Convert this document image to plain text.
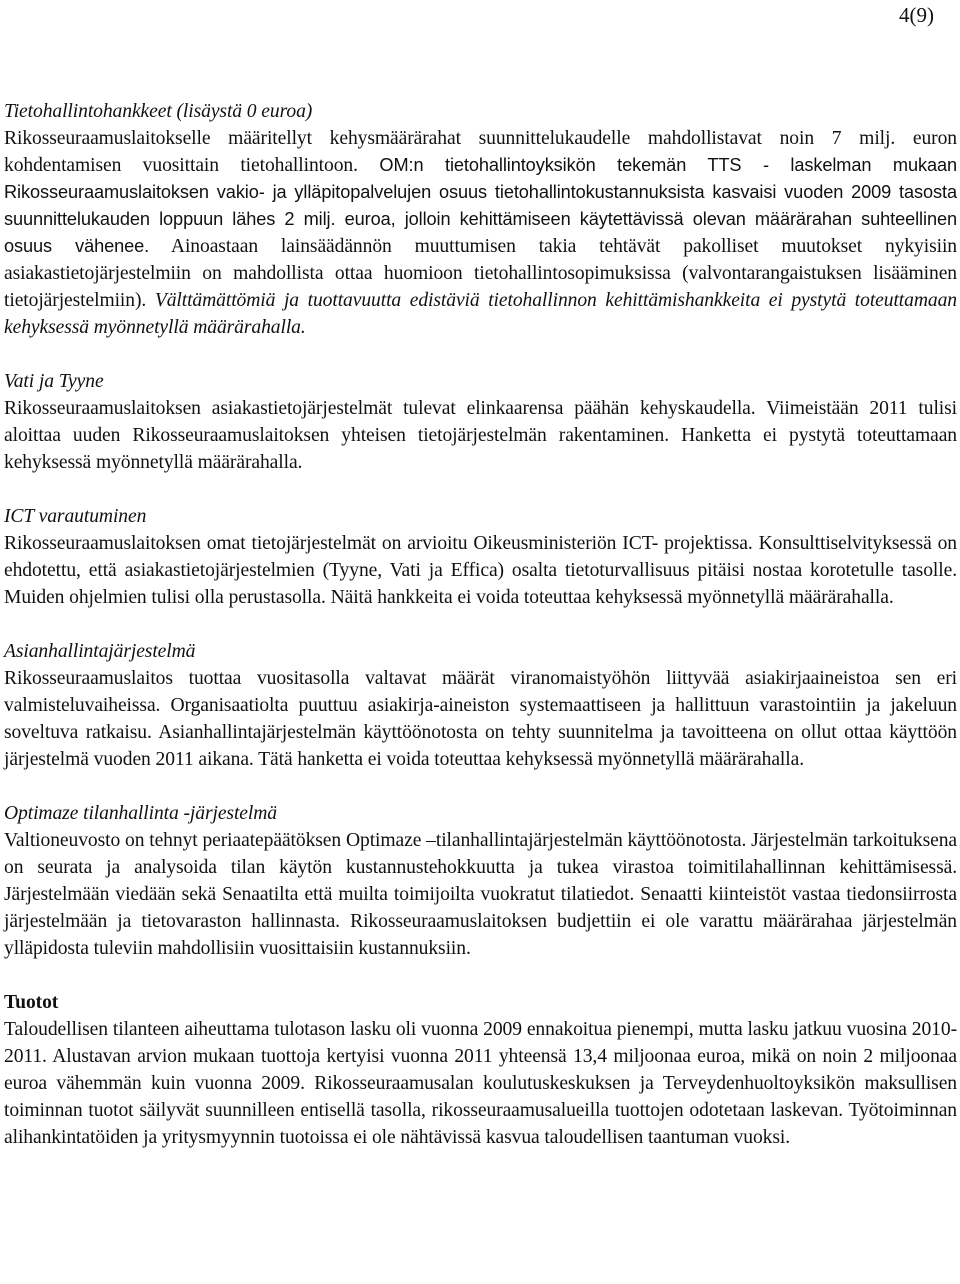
4(9)
Tietohallintohankkeet (lisäystä 0 euroa)
Rikosseuraamuslaitokselle määritellyt kehysmäärärahat suunnittelukaudelle mahdollistavat noin 7 milj. euron kohdentamisen vuosittain tietohallintoon. OM:n tietohallintoyksikön tekemän TTS - laskelman mukaan Rikosseuraamuslaitoksen vakio- ja ylläpitopalvelujen osuus tietohallintokustannuksista kasvaisi vuoden 2009 tasosta suunnittelukauden loppuun lähes 2 milj. euroa, jolloin kehittämiseen käytettävissä olevan määrärahan suhteellinen osuus vähenee. Ainoastaan lainsäädännön muuttumisen takia tehtävät pakolliset muutokset nykyisiin asiakastietojärjestelmiin on mahdollista ottaa huomioon tietohallintosopimuksissa (valvontarangaistuksen lisääminen tietojärjestelmiin). Välttämättömiä ja tuottavuutta edistäviä tietohallinnon kehittämishankkeita ei pystytä toteuttamaan kehyksessä myönnetyllä määrärahalla.
Vati ja Tyyne
Rikosseuraamuslaitoksen asiakastietojärjestelmät tulevat elinkaarensa päähän kehyskaudella. Viimeistään 2011 tulisi aloittaa uuden Rikosseuraamuslaitoksen yhteisen tietojärjestelmän rakentaminen. Hanketta ei pystytä toteuttamaan kehyksessä myönnetyllä määrärahalla.
ICT varautuminen
Rikosseuraamuslaitoksen omat tietojärjestelmät on arvioitu Oikeusministeriön ICT- projektissa. Konsulttiselvityksessä on ehdotettu, että asiakastietojärjestelmien (Tyyne, Vati ja Effica) osalta tietoturvallisuus pitäisi nostaa korotetulle tasolle. Muiden ohjelmien tulisi olla perustasolla. Näitä hankkeita ei voida toteuttaa kehyksessä myönnetyllä määrärahalla.
Asianhallintajärjestelmä
Rikosseuraamuslaitos tuottaa vuositasolla valtavat määrät viranomaistyöhön liittyvää asiakirjaaineistoa sen eri valmisteluvaiheissa. Organisaatiolta puuttuu asiakirja-aineiston systemaattiseen ja hallittuun varastointiin ja jakeluun soveltuva ratkaisu. Asianhallintajärjestelmän käyttöönotosta on tehty suunnitelma ja tavoitteena on ollut ottaa käyttöön järjestelmä vuoden 2011 aikana. Tätä hanketta ei voida toteuttaa kehyksessä myönnetyllä määrärahalla.
Optimaze tilanhallinta -järjestelmä
Valtioneuvosto on tehnyt periaatepäätöksen Optimaze –tilanhallintajärjestelmän käyttöönotosta. Järjestelmän tarkoituksena on seurata ja analysoida tilan käytön kustannustehokkuutta ja tukea virastoa toimitilahallinnan kehittämisessä. Järjestelmään viedään sekä Senaatilta että muilta toimijoilta vuokratut tilatiedot. Senaatti kiinteistöt vastaa tiedonsiirrosta järjestelmään ja tietovaraston hallinnasta. Rikosseuraamuslaitoksen budjettiin ei ole varattu määrärahaa järjestelmän ylläpidosta tuleviin mahdollisiin vuosittaisiin kustannuksiin.
Tuotot
Taloudellisen tilanteen aiheuttama tulotason lasku oli vuonna 2009 ennakoitua pienempi, mutta lasku jatkuu vuosina 2010-2011. Alustavan arvion mukaan tuottoja kertyisi vuonna 2011 yhteensä 13,4 miljoonaa euroa, mikä on noin 2 miljoonaa euroa vähemmän kuin vuonna 2009. Rikosseuraamusalan koulutuskeskuksen ja Terveydenhuoltoyksikön maksullisen toiminnan tuotot säilyvät suunnilleen entisellä tasolla, rikosseuraamusalueilla tuottojen odotetaan laskevan. Työtoiminnan alihankintatöiden ja yritysmyynnin tuotoissa ei ole nähtävissä kasvua taloudellisen taantuman vuoksi.
